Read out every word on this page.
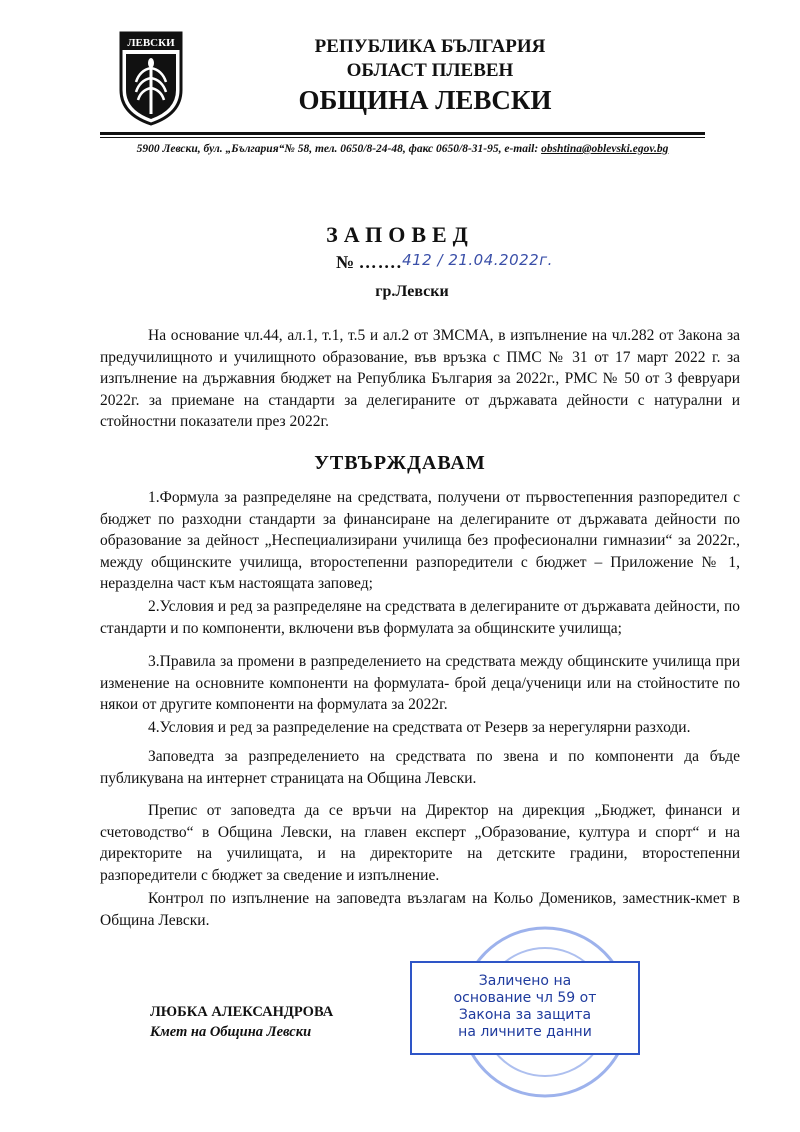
ЛЕВСКИ	РЕПУБЛИКА БЪЛГАРИЯ
ОБЛАСТ ПЛЕВЕН
ОБЩИНА ЛЕВСКИ
5900 Левски, бул. „България“№ 58, тел. 0650/8-24-48, факс 0650/8-31-95, e-mail: obshtina@oblevski.egov.bg
ЗАПОВЕД
№ …….412 / 21.04.2022г.
гр.Левски
На основание чл.44, ал.1, т.1, т.5 и ал.2 от ЗМСМА, в изпълнение на чл.282 от Закона за предучилищното и училищното образование, във връзка с ПМС № 31 от 17 март 2022 г. за изпълнение на държавния бюджет на Република България за 2022г., РМС № 50 от 3 февруари 2022г. за приемане на стандарти за делегираните от държавата дейности с натурални и стойностни показатели през 2022г.
УТВЪРЖДАВАМ
1.Формула за разпределяне на средствата, получени от първостепенния разпоредител с бюджет по разходни стандарти за финансиране на делегираните от държавата дейности по образование за дейност „Неспециализирани училища без професионални гимназии“ за 2022г., между общинските училища, второстепенни разпоредители с бюджет – Приложение № 1, неразделна част към настоящата заповед;
2.Условия и ред за разпределяне на средствата в делегираните от държавата дейности, по стандарти и по компоненти, включени във формулата за общинските училища;
3.Правила за промени в разпределението на средствата между общинските училища при изменение на основните компоненти на формулата- брой деца/ученици или на стойностите по някои от другите компоненти на формулата за 2022г.
4.Условия и ред за разпределение на средствата от Резерв за нерегулярни разходи.
Заповедта за разпределението на средствата по звена и по компоненти да бъде публикувана на интернет страницата на Община Левски.
Препис от заповедта да се връчи на Директор на дирекция „Бюджет, финанси и счетоводство“ в Община Левски, на главен експерт „Образование, култура и спорт“ и на директорите на училищата, и на директорите на детските градини, второстепенни разпоредители с бюджет за сведение и изпълнение.
Контрол по изпълнение на заповедта възлагам на Кольо Домеников, заместник-кмет в Община Левски.
ЛЮБКА АЛЕКСАНДРОВА
Кмет на Община Левски
Заличено на
основание чл 59 от
Закона за защита
на личните данни
